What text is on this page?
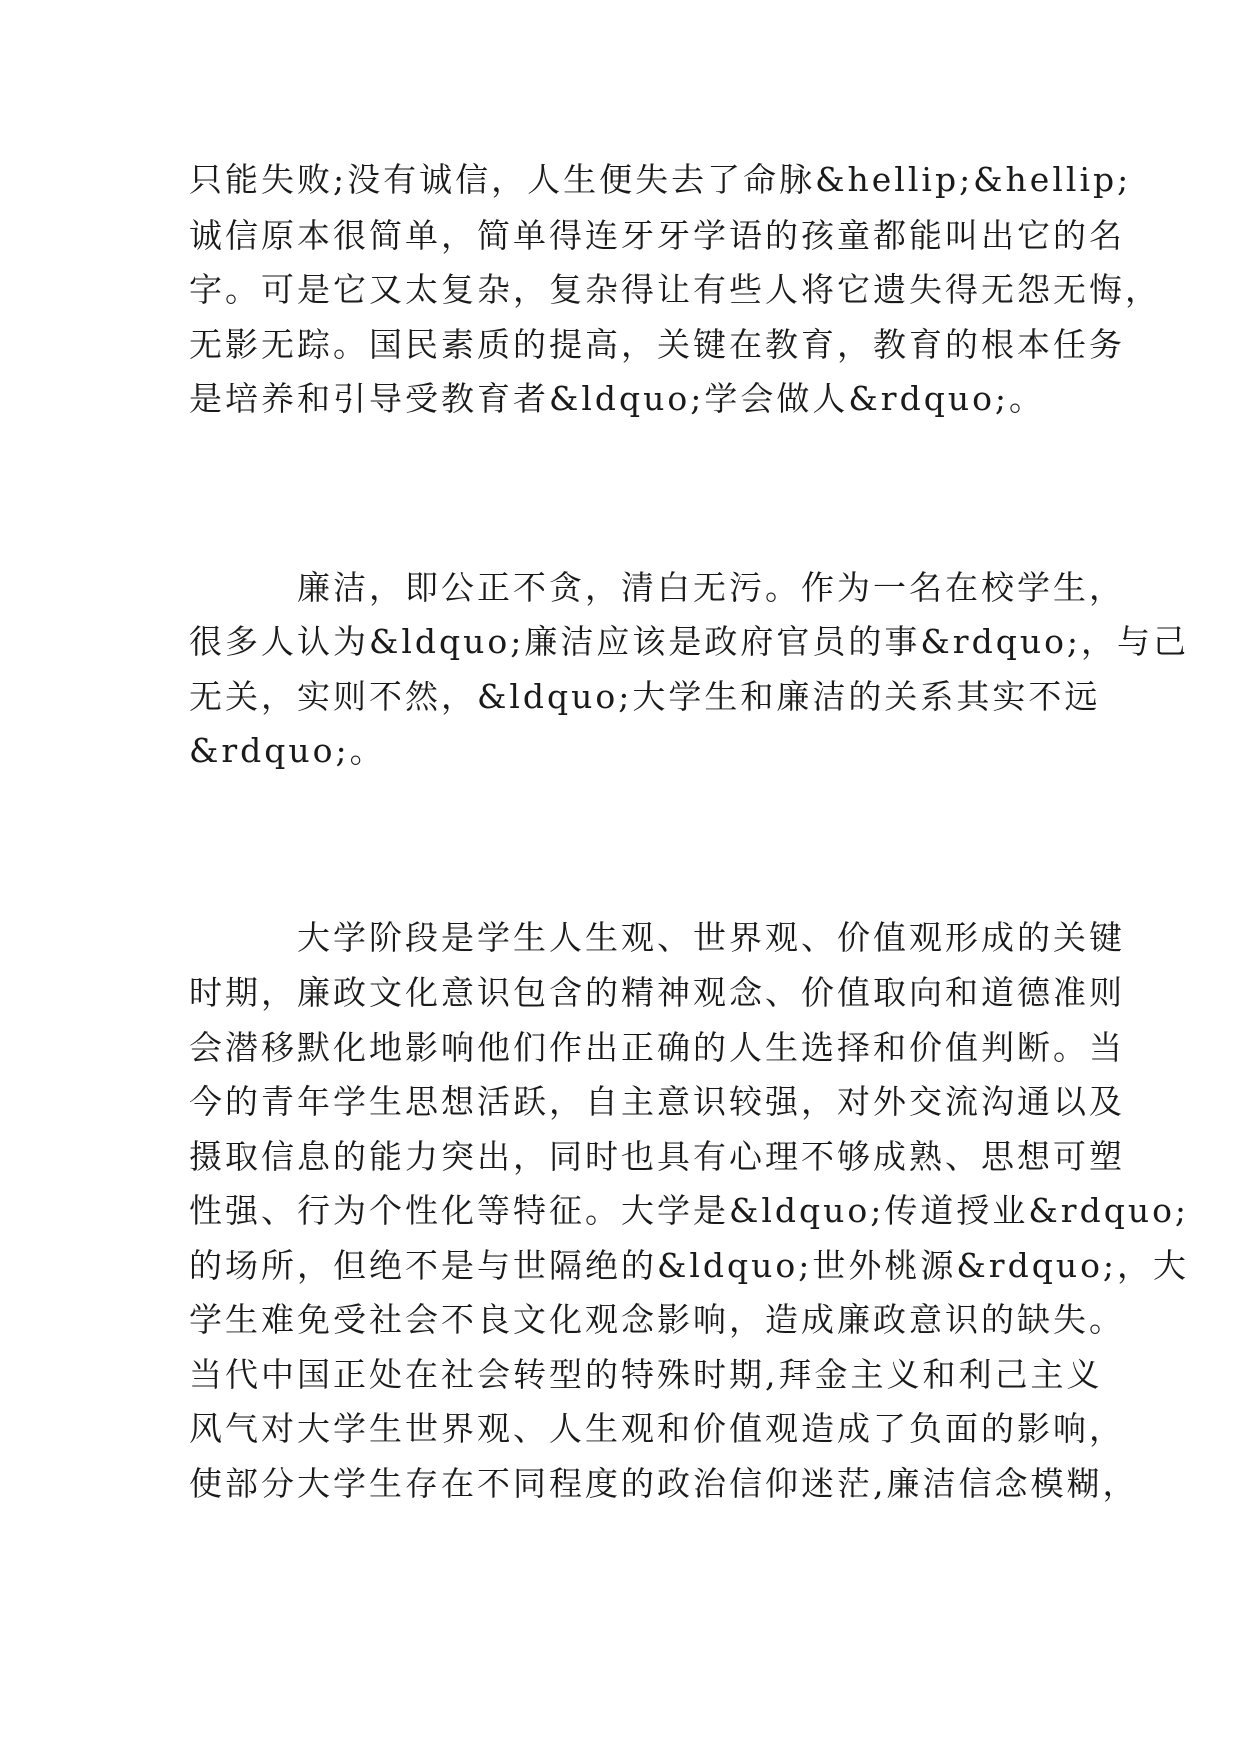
只能失败;没有诚信，人生便失去了命脉&hellip;&hellip;
诚信原本很简单，简单得连牙牙学语的孩童都能叫出它的名
字。可是它又太复杂，复杂得让有些人将它遗失得无怨无悔，
无影无踪。国民素质的提高，关键在教育，教育的根本任务
是培养和引导受教育者&ldquo;学会做人&rdquo;。
廉洁，即公正不贪，清白无污。作为一名在校学生，
很多人认为&ldquo;廉洁应该是政府官员的事&rdquo;，与己
无关，实则不然，&ldquo;大学生和廉洁的关系其实不远
&rdquo;。
大学阶段是学生人生观、世界观、价值观形成的关键
时期，廉政文化意识包含的精神观念、价值取向和道德准则
会潜移默化地影响他们作出正确的人生选择和价值判断。当
今的青年学生思想活跃，自主意识较强，对外交流沟通以及
摄取信息的能力突出，同时也具有心理不够成熟、思想可塑
性强、行为个性化等特征。大学是&ldquo;传道授业&rdquo;
的场所，但绝不是与世隔绝的&ldquo;世外桃源&rdquo;，大
学生难免受社会不良文化观念影响，造成廉政意识的缺失。
当代中国正处在社会转型的特殊时期,拜金主义和利己主义
风气对大学生世界观、人生观和价值观造成了负面的影响，
使部分大学生存在不同程度的政治信仰迷茫,廉洁信念模糊，
